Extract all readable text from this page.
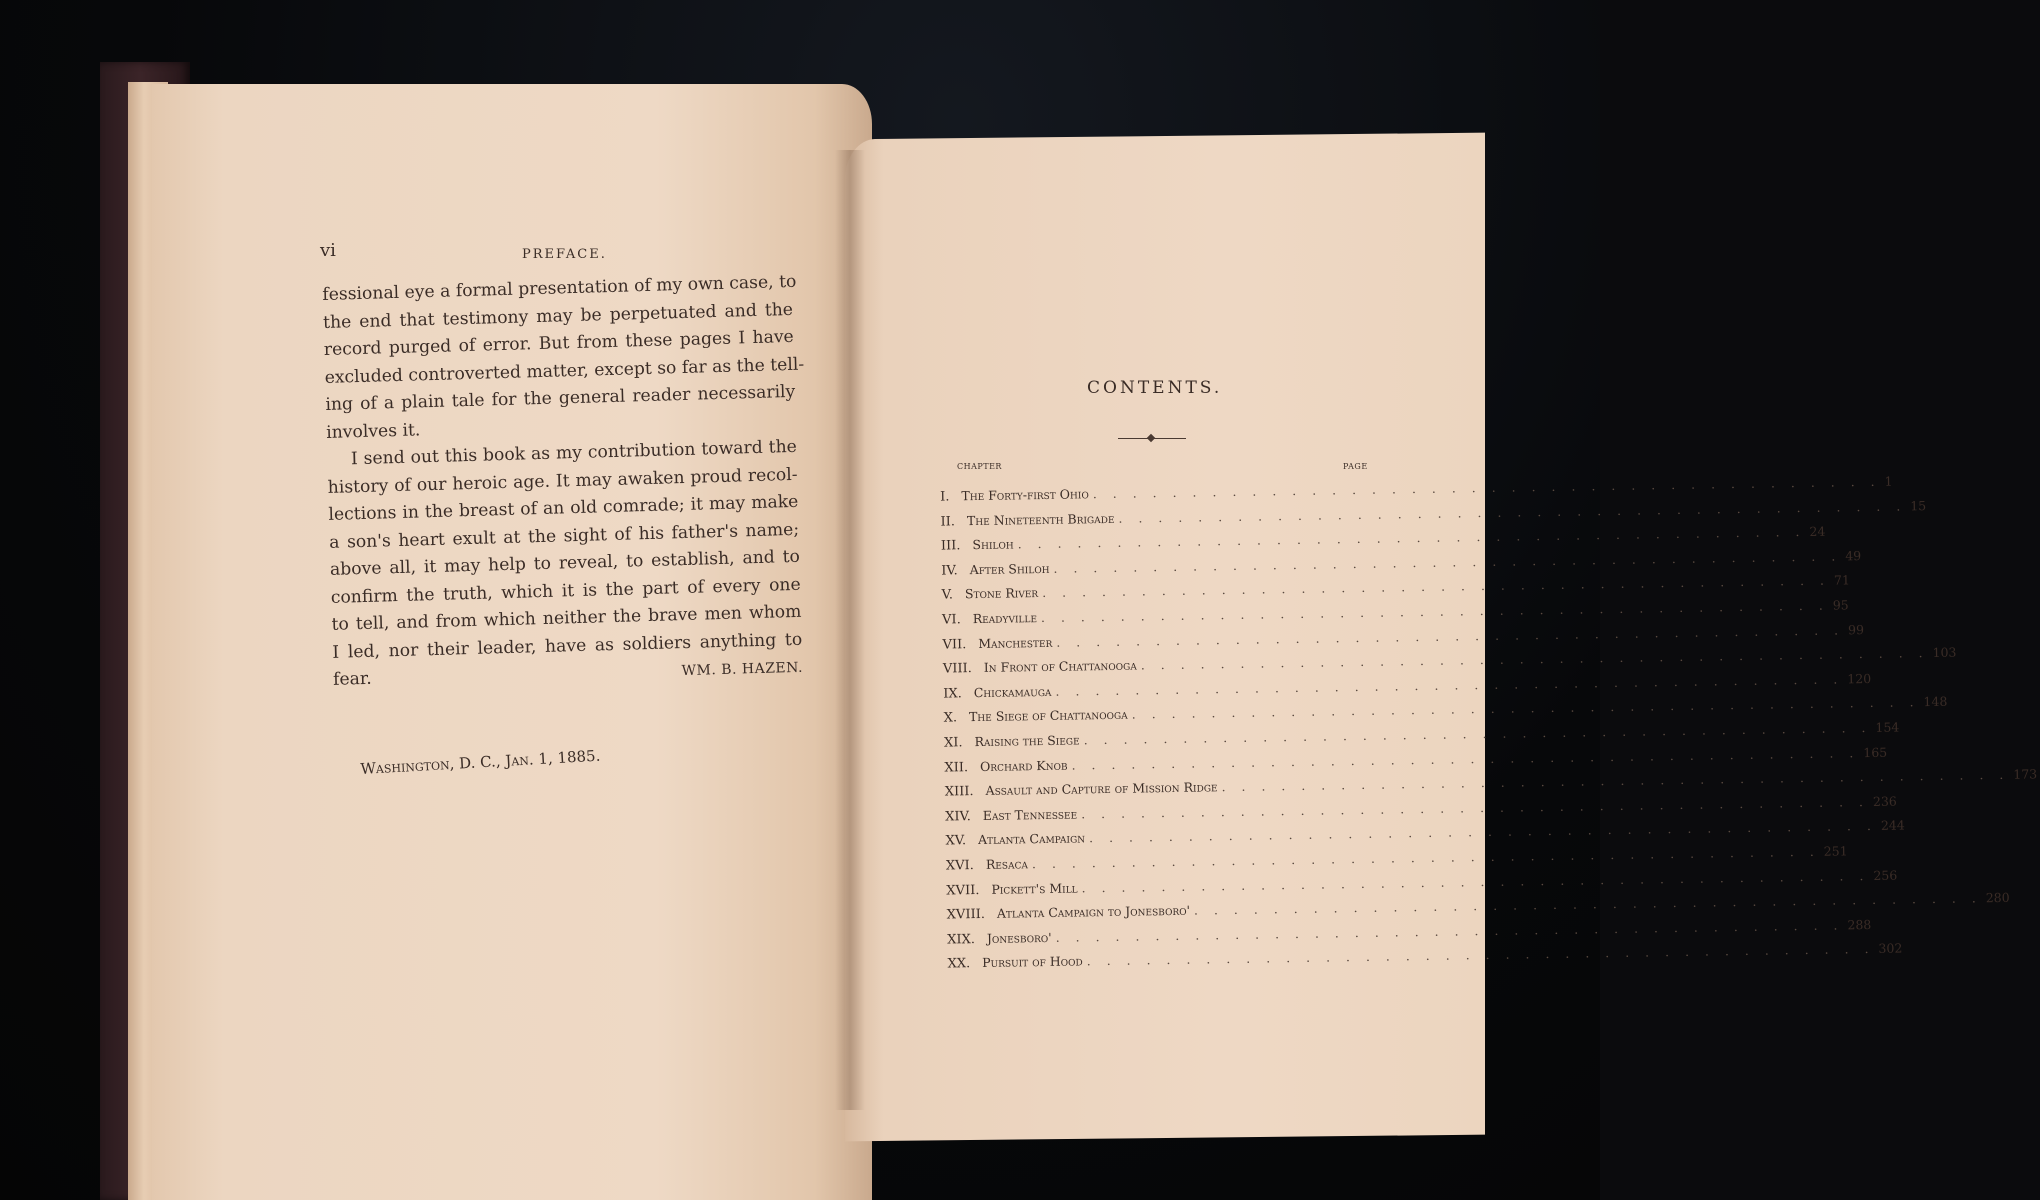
vi	PREFACE.
fessional eye a formal presentation of my own case, to
the end that testimony may be perpetuated and the
record purged of error. But from these pages I have
excluded controverted matter, except so far as the tell-
ing of a plain tale for the general reader necessarily
involves it.
I send out this book as my contribution toward the
history of our heroic age. It may awaken proud recol-
lections in the breast of an old comrade; it may make
a son's heart exult at the sight of his father's name;
above all, it may help to reveal, to establish, and to
confirm the truth, which it is the part of every one
to tell, and from which neither the brave men whom
I led, nor their leader, have as soldiers anything to
fear.	WM. B. HAZEN.
Washington, D. C., Jan. 1, 1885.
CONTENTS.
CHAPTER	PAGE
I. The Forty-first Ohio . . . . . . . . . . . . . . . . . . . . . . . . . . . . . . . . . . . . . . . . 1
II. The Nineteenth Brigade . . . . . . . . . . . . . . . . . . . . . . . . . . . . . . . . . . . . . . . . 15
III. Shiloh . . . . . . . . . . . . . . . . . . . . . . . . . . . . . . . . . . . . . . . . 24
IV. After Shiloh . . . . . . . . . . . . . . . . . . . . . . . . . . . . . . . . . . . . . . . . 49
V. Stone River . . . . . . . . . . . . . . . . . . . . . . . . . . . . . . . . . . . . . . . . 71
VI. Readyville . . . . . . . . . . . . . . . . . . . . . . . . . . . . . . . . . . . . . . . . 95
VII. Manchester . . . . . . . . . . . . . . . . . . . . . . . . . . . . . . . . . . . . . . . . 99
VIII. In Front of Chattanooga . . . . . . . . . . . . . . . . . . . . . . . . . . . . . . . . . . . . . . . . 103
IX. Chickamauga . . . . . . . . . . . . . . . . . . . . . . . . . . . . . . . . . . . . . . . . 120
X. The Siege of Chattanooga . . . . . . . . . . . . . . . . . . . . . . . . . . . . . . . . . . . . . . . . 148
XI. Raising the Siege . . . . . . . . . . . . . . . . . . . . . . . . . . . . . . . . . . . . . . . . 154
XII. Orchard Knob . . . . . . . . . . . . . . . . . . . . . . . . . . . . . . . . . . . . . . . . 165
XIII. Assault and Capture of Mission Ridge . . . . . . . . . . . . . . . . . . . . . . . . . . . . . . . . . . . . . . . . 173
XIV. East Tennessee . . . . . . . . . . . . . . . . . . . . . . . . . . . . . . . . . . . . . . . . 236
XV. Atlanta Campaign . . . . . . . . . . . . . . . . . . . . . . . . . . . . . . . . . . . . . . . . 244
XVI. Resaca . . . . . . . . . . . . . . . . . . . . . . . . . . . . . . . . . . . . . . . . 251
XVII. Pickett's Mill . . . . . . . . . . . . . . . . . . . . . . . . . . . . . . . . . . . . . . . . 256
XVIII. Atlanta Campaign to Jonesboro' . . . . . . . . . . . . . . . . . . . . . . . . . . . . . . . . . . . . . . . . 280
XIX. Jonesboro' . . . . . . . . . . . . . . . . . . . . . . . . . . . . . . . . . . . . . . . . 288
XX. Pursuit of Hood . . . . . . . . . . . . . . . . . . . . . . . . . . . . . . . . . . . . . . . . 302
